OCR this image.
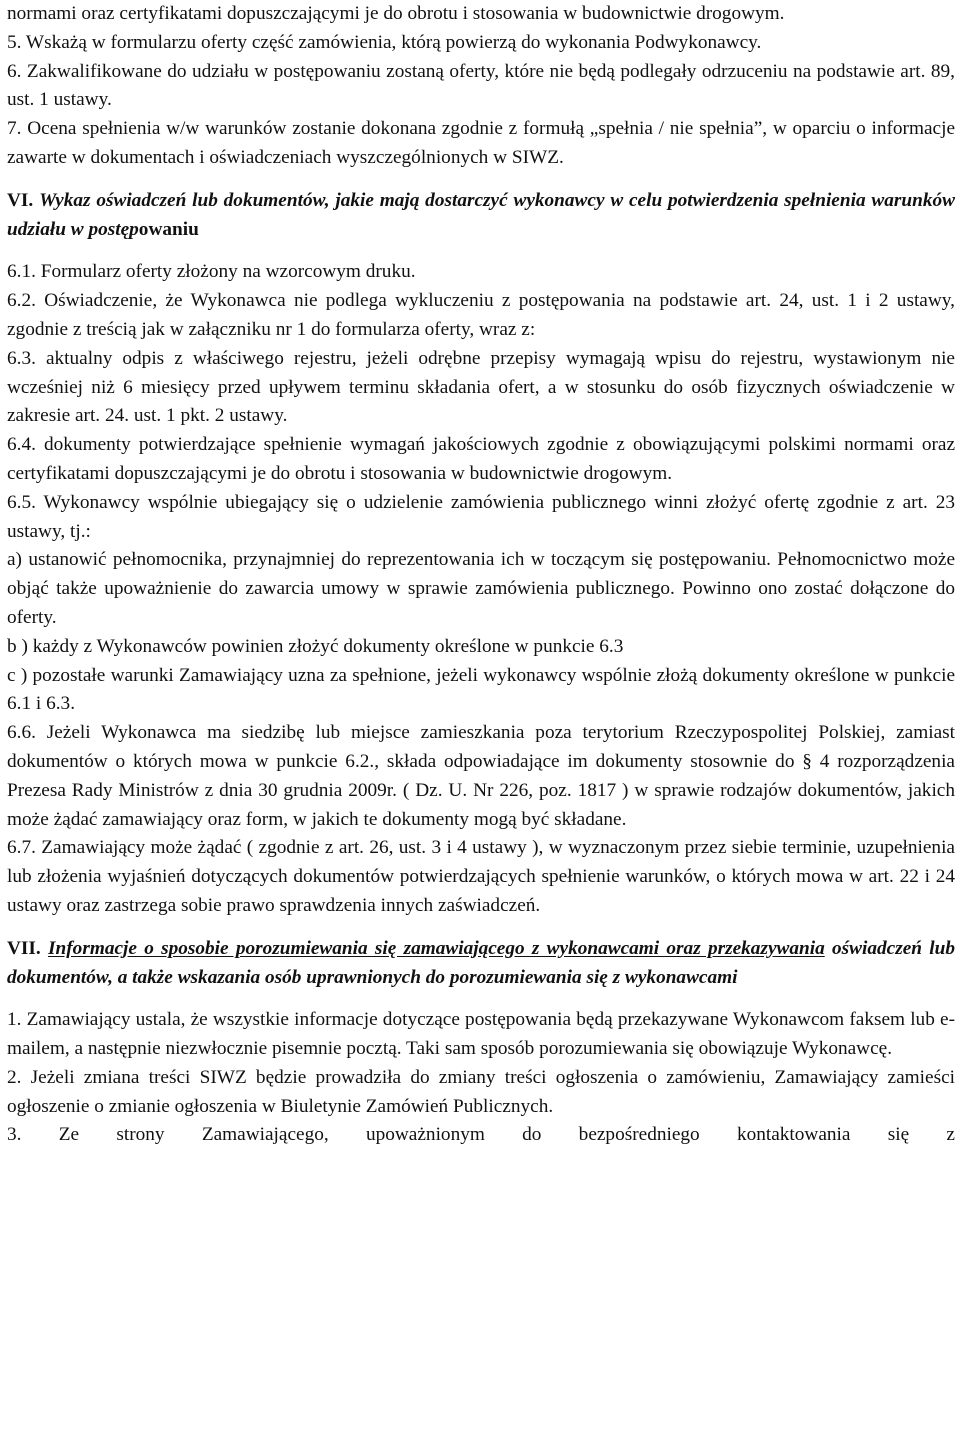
normami oraz certyfikatami dopuszczającymi je do obrotu i stosowania w budownictwie drogowym.

5. Wskażą w formularzu oferty część zamówienia, którą powierzą do wykonania Podwykonawcy.

6. Zakwalifikowane do udziału w postępowaniu zostaną oferty, które nie będą podlegały odrzuceniu na podstawie art. 89, ust. 1 ustawy.

7. Ocena spełnienia w/w warunków zostanie dokonana zgodnie z formułą „spełnia / nie spełnia”, w oparciu o informacje zawarte w dokumentach i oświadczeniach wyszczególnionych w SIWZ.

VI. Wykaz oświadczeń lub dokumentów, jakie mają dostarczyć wykonawcy w celu potwierdzenia spełnienia warunków udziału w postępowaniu

6.1. Formularz oferty złożony na wzorcowym druku.

6.2. Oświadczenie, że Wykonawca nie podlega wykluczeniu z postępowania na podstawie art. 24, ust. 1 i 2 ustawy, zgodnie z treścią jak w załączniku nr 1 do formularza oferty, wraz z:

6.3. aktualny odpis z właściwego rejestru, jeżeli odrębne przepisy wymagają wpisu do rejestru, wystawionym nie wcześniej niż 6 miesięcy przed upływem terminu składania ofert, a w stosunku do osób fizycznych oświadczenie w zakresie art. 24. ust. 1 pkt. 2 ustawy.

6.4. dokumenty potwierdzające spełnienie wymagań jakościowych zgodnie z obowiązującymi polskimi normami oraz certyfikatami dopuszczającymi je do obrotu i stosowania w budownictwie drogowym.

6.5. Wykonawcy wspólnie ubiegający się o udzielenie zamówienia publicznego winni złożyć ofertę zgodnie z art. 23 ustawy, tj.:

a) ustanowić pełnomocnika, przynajmniej do reprezentowania ich w toczącym się postępowaniu. Pełnomocnictwo może objąć także upoważnienie do zawarcia umowy w sprawie zamówienia publicznego. Powinno ono zostać dołączone do oferty.

b ) każdy z Wykonawców powinien złożyć dokumenty określone w punkcie 6.3

c ) pozostałe warunki Zamawiający uzna za spełnione, jeżeli wykonawcy wspólnie złożą dokumenty określone w punkcie 6.1 i 6.3.

6.6. Jeżeli Wykonawca ma siedzibę lub miejsce zamieszkania poza terytorium Rzeczypospolitej Polskiej, zamiast dokumentów o których mowa w punkcie 6.2., składa odpowiadające im dokumenty stosownie do § 4 rozporządzenia Prezesa Rady Ministrów z dnia 30 grudnia 2009r. ( Dz. U. Nr 226, poz. 1817 ) w sprawie rodzajów dokumentów, jakich może żądać zamawiający oraz form, w jakich te dokumenty mogą być składane.

6.7. Zamawiający może żądać ( zgodnie z art. 26, ust. 3 i 4 ustawy ), w wyznaczonym przez siebie terminie, uzupełnienia lub złożenia wyjaśnień dotyczących dokumentów potwierdzających spełnienie warunków, o których mowa w art. 22 i 24 ustawy oraz zastrzega sobie prawo sprawdzenia innych zaświadczeń.

VII. Informacje o sposobie porozumiewania się zamawiającego z wykonawcami oraz przekazywania oświadczeń lub dokumentów, a także wskazania osób uprawnionych do porozumiewania się z wykonawcami

1. Zamawiający ustala, że wszystkie informacje dotyczące postępowania będą przekazywane Wykonawcom faksem lub e-mailem, a następnie niezwłocznie pisemnie pocztą. Taki sam sposób porozumiewania się obowiązuje Wykonawcę.

2. Jeżeli zmiana treści SIWZ będzie prowadziła do zmiany treści ogłoszenia o zamówieniu, Zamawiający zamieści ogłoszenie o zmianie ogłoszenia w Biuletynie Zamówień Publicznych.

3. Ze strony Zamawiającego, upoważnionym do bezpośredniego kontaktowania się z
